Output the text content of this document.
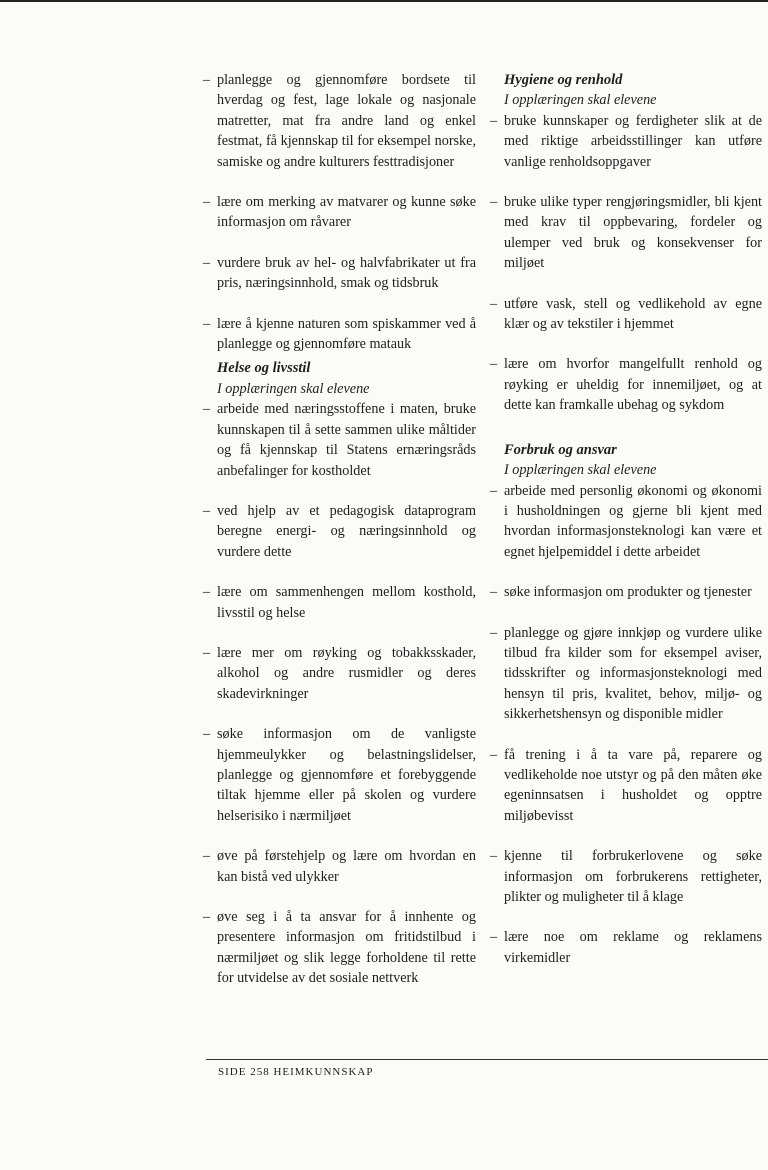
– planlegge og gjennomføre bordsete til hverdag og fest, lage lokale og nasjonale matretter, mat fra andre land og enkel festmat, få kjennskap til for eksempel norske, samiske og andre kulturers festtradisjoner
– lære om merking av matvarer og kunne søke informasjon om råvarer
– vurdere bruk av hel- og halvfabrikater ut fra pris, næringsinnhold, smak og tidsbruk
– lære å kjenne naturen som spiskammer ved å planlegge og gjennomføre matauk
Helse og livsstil
I opplæringen skal elevene
– arbeide med næringsstoffene i maten, bruke kunnskapen til å sette sammen ulike måltider og få kjennskap til Statens ernæringsråds anbefalinger for kostholdet
– ved hjelp av et pedagogisk dataprogram beregne energi- og næringsinnhold og vurdere dette
– lære om sammenhengen mellom kosthold, livsstil og helse
– lære mer om røyking og tobakksskader, alkohol og andre rusmidler og deres skadevirkninger
– søke informasjon om de vanligste hjemmeulykker og belastningslidelser, planlegge og gjennomføre et forebyggende tiltak hjemme eller på skolen og vurdere helserisiko i nærmiljøet
– øve på førstehjelp og lære om hvordan en kan bistå ved ulykker
– øve seg i å ta ansvar for å innhente og presentere informasjon om fritidstilbud i nærmiljøet og slik legge forholdene til rette for utvidelse av det sosiale nettverk
Hygiene og renhold
I opplæringen skal elevene
– bruke kunnskaper og ferdigheter slik at de med riktige arbeidsstillinger kan utføre vanlige renholdsoppgaver
– bruke ulike typer rengjøringsmidler, bli kjent med krav til oppbevaring, fordeler og ulemper ved bruk og konsekvenser for miljøet
– utføre vask, stell og vedlikehold av egne klær og av tekstiler i hjemmet
– lære om hvorfor mangelfullt renhold og røyking er uheldig for innemiljøet, og at dette kan framkalle ubehag og sykdom
Forbruk og ansvar
I opplæringen skal elevene
– arbeide med personlig økonomi og økonomi i husholdningen og gjerne bli kjent med hvordan informasjonsteknologi kan være et egnet hjelpemiddel i dette arbeidet
– søke informasjon om produkter og tjenester
– planlegge og gjøre innkjøp og vurdere ulike tilbud fra kilder som for eksempel aviser, tidsskrifter og informasjonsteknologi med hensyn til pris, kvalitet, behov, miljø- og sikkerhetshensyn og disponible midler
– få trening i å ta vare på, reparere og vedlikeholde noe utstyr og på den måten øke egeninnsatsen i husholdet og opptre miljøbevisst
– kjenne til forbrukerlovene og søke informasjon om forbrukerens rettigheter, plikter og muligheter til å klage
– lære noe om reklame og reklamens virkemidler
SIDE 258 HEIMKUNNSKAP
